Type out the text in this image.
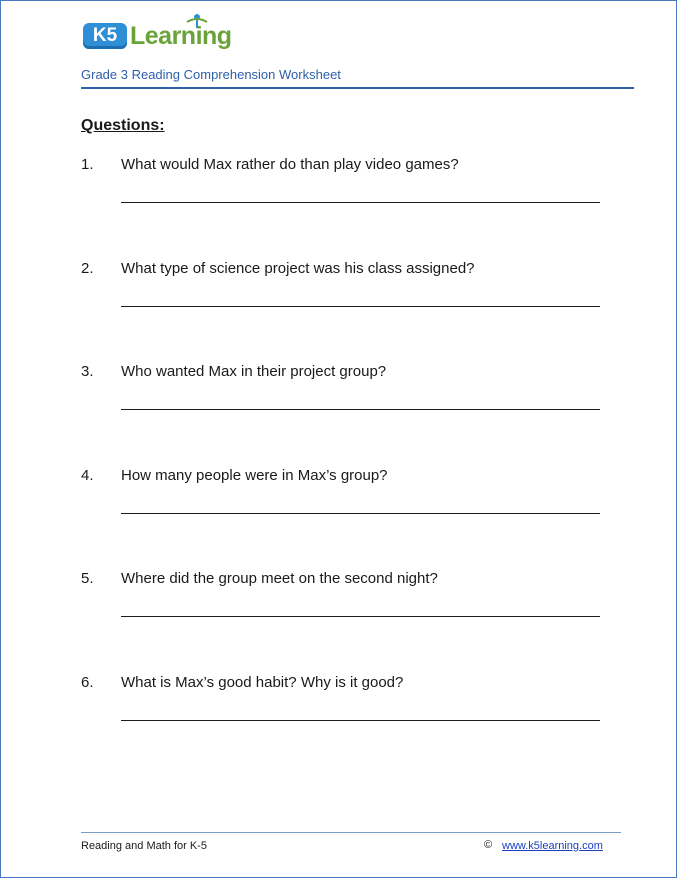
K5 Learning
Grade 3 Reading Comprehension Worksheet
Questions:
1. What would Max rather do than play video games?
2. What type of science project was his class assigned?
3. Who wanted Max in their project group?
4. How many people were in Max’s group?
5. Where did the group meet on the second night?
6. What is Max’s good habit? Why is it good?
Reading and Math for K-5	© www.k5learning.com
